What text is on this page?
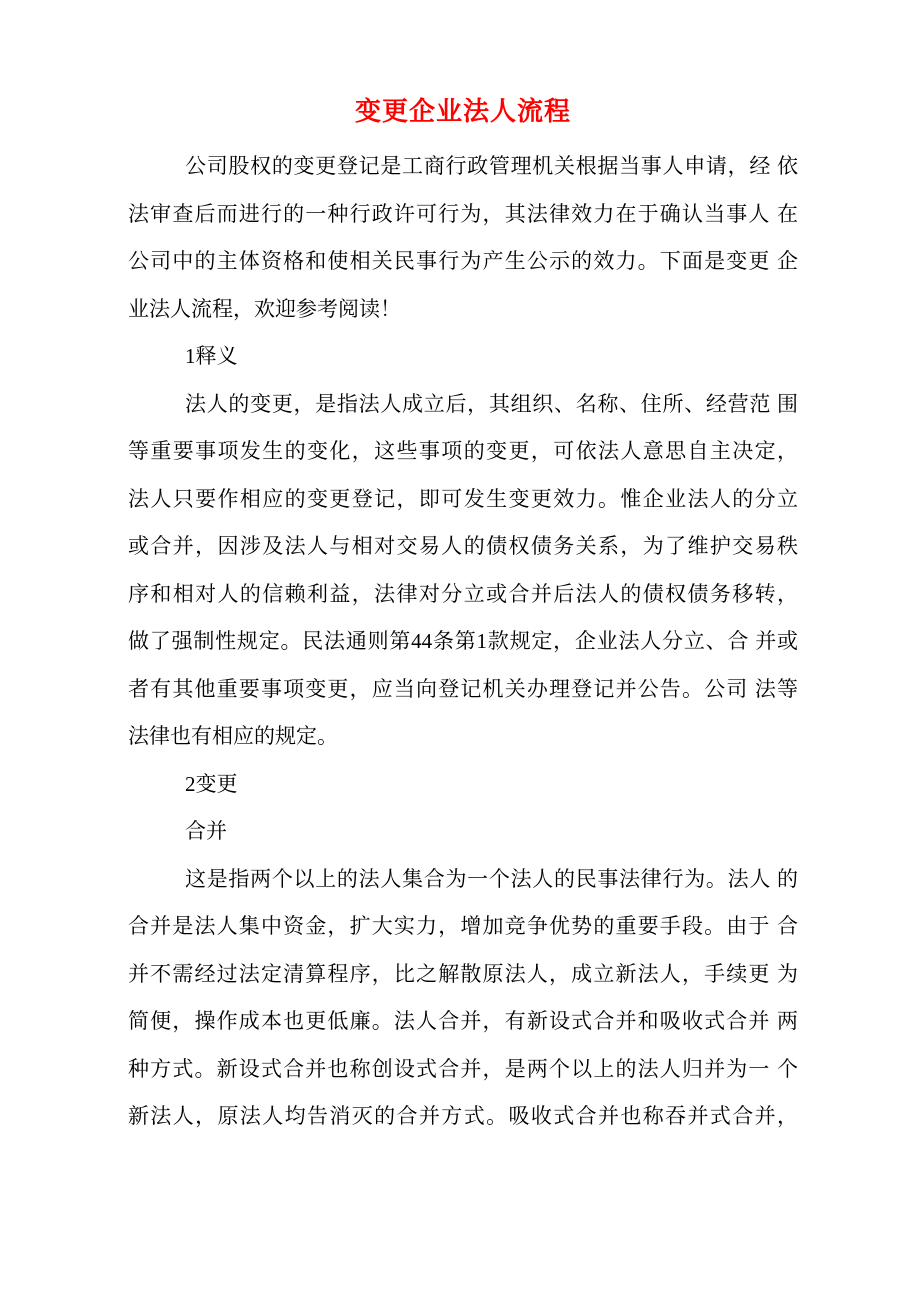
变更企业法人流程
公司股权的变更登记是工商行政管理机关根据当事人申请，经 依
法审查后而进行的一种行政许可行为，其法律效力在于确认当事人 在
公司中的主体资格和使相关民事行为产生公示的效力。下面是变更 企
业法人流程，欢迎参考阅读！
1释义
法人的变更，是指法人成立后，其组织、名称、住所、经营范 围
等重要事项发生的变化，这些事项的变更，可依法人意思自主决定，
法人只要作相应的变更登记，即可发生变更效力。惟企业法人的分立
或合并，因涉及法人与相对交易人的债权债务关系，为了维护交易秩
序和相对人的信赖利益，法律对分立或合并后法人的债权债务移转，
做了强制性规定。民法通则第44条第1款规定，企业法人分立、合 并或
者有其他重要事项变更，应当向登记机关办理登记并公告。公司 法等
法律也有相应的规定。
2变更
合并
这是指两个以上的法人集合为一个法人的民事法律行为。法人 的
合并是法人集中资金，扩大实力，增加竞争优势的重要手段。由于 合
并不需经过法定清算程序，比之解散原法人，成立新法人，手续更 为
简便，操作成本也更低廉。法人合并，有新设式合并和吸收式合并 两
种方式。新设式合并也称创设式合并，是两个以上的法人归并为一 个
新法人，原法人均告消灭的合并方式。吸收式合并也称吞并式合并，
